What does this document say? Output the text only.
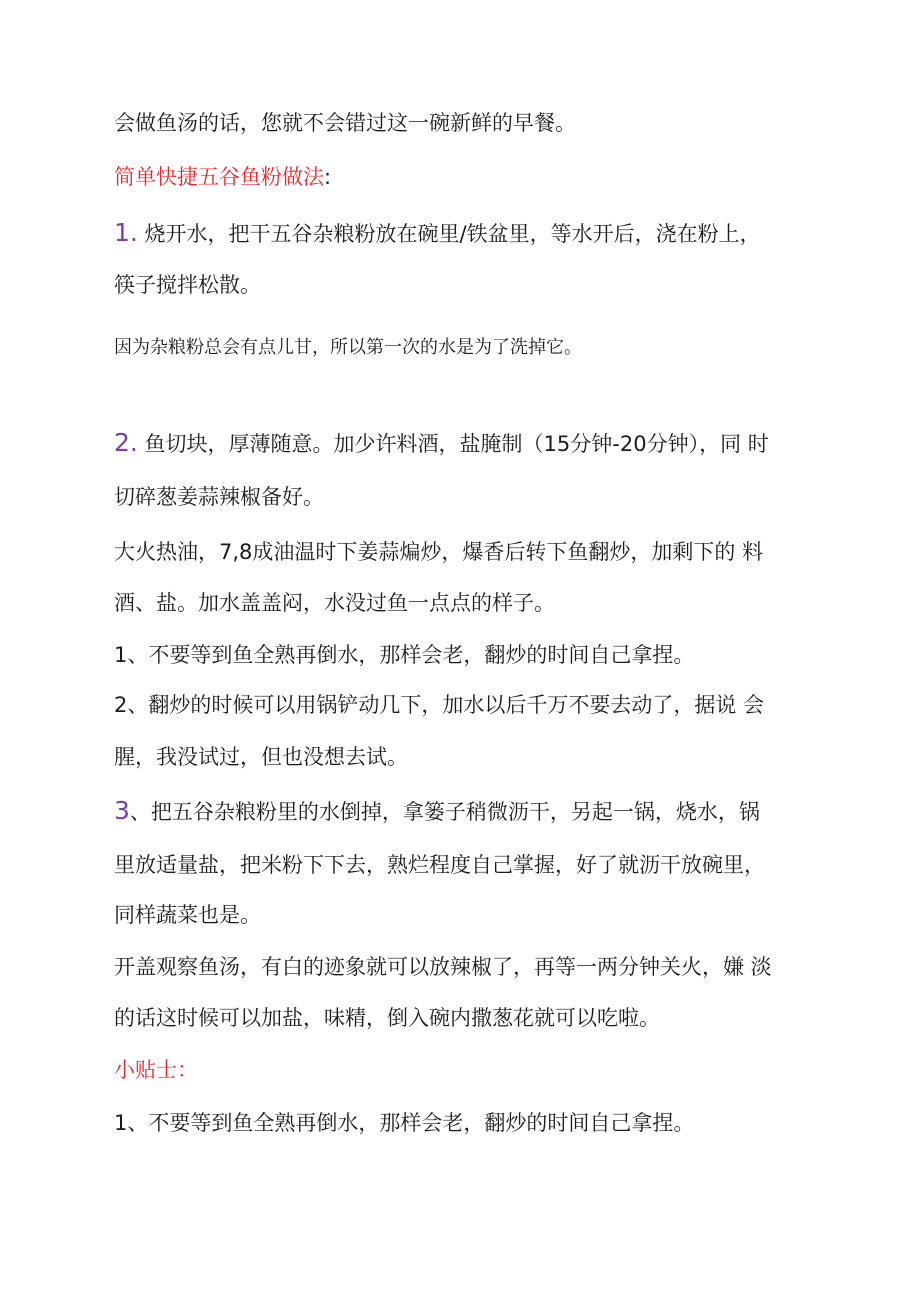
会做鱼汤的话，您就不会错过这一碗新鲜的早餐。
简单快捷五谷鱼粉做法:
1. 烧开水，把干五谷杂粮粉放在碗里/铁盆里，等水开后，浇在粉上，
筷子搅拌松散。
因为杂粮粉总会有点儿甘，所以第一次的水是为了洗掉它。
2. 鱼切块，厚薄随意。加少许料酒，盐腌制（15分钟-20分钟），同 时
切碎葱姜蒜辣椒备好。
大火热油，7,8成油温时下姜蒜煸炒，爆香后转下鱼翻炒，加剩下的 料
酒、盐。加水盖盖闷，水没过鱼一点点的样子。
1、不要等到鱼全熟再倒水，那样会老，翻炒的时间自己拿捏。
2、翻炒的时候可以用锅铲动几下，加水以后千万不要去动了，据说 会
腥，我没试过，但也没想去试。
3、把五谷杂粮粉里的水倒掉，拿篓子稍微沥干，另起一锅，烧水，锅
里放适量盐，把米粉下下去，熟烂程度自己掌握，好了就沥干放碗里，
同样蔬菜也是。
开盖观察鱼汤，有白的迹象就可以放辣椒了，再等一两分钟关火，嫌 淡
的话这时候可以加盐，味精，倒入碗内撒葱花就可以吃啦。
小贴士：
1、不要等到鱼全熟再倒水，那样会老，翻炒的时间自己拿捏。
